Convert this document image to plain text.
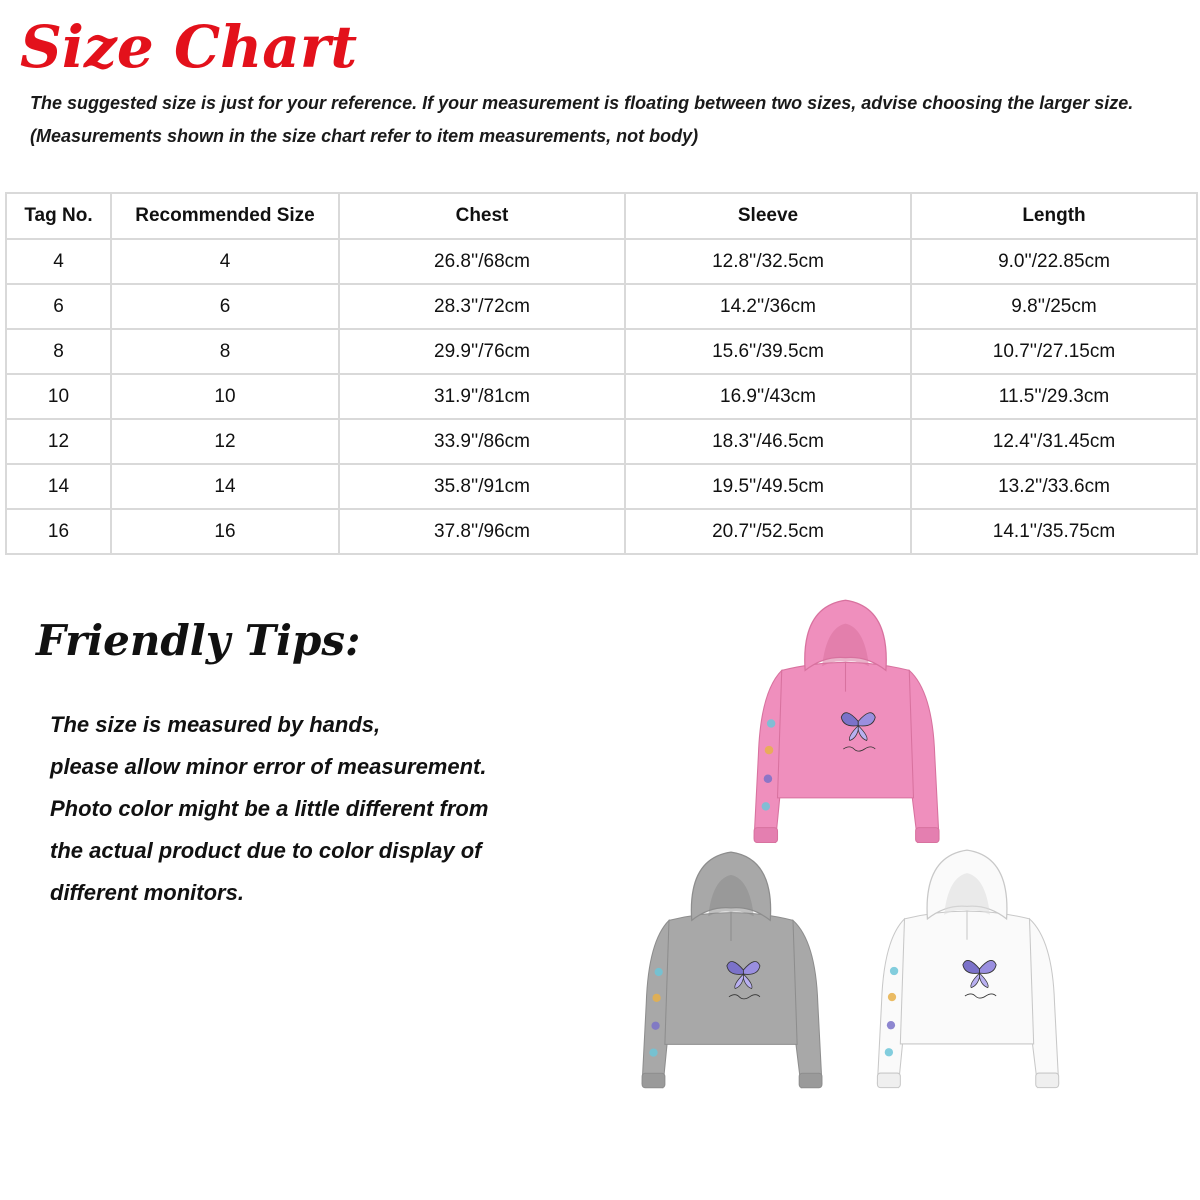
Size Chart
The suggested size is just for your reference. If your measurement is floating between two sizes, advise choosing the larger size.
(Measurements shown in the size chart refer to item measurements, not body)
Tag No.	Recommended Size	Chest	Sleeve	Length
4	4	26.8''/68cm	12.8''/32.5cm	9.0''/22.85cm
6	6	28.3''/72cm	14.2''/36cm	9.8''/25cm
8	8	29.9''/76cm	15.6''/39.5cm	10.7''/27.15cm
10	10	31.9''/81cm	16.9''/43cm	11.5''/29.3cm
12	12	33.9''/86cm	18.3''/46.5cm	12.4''/31.45cm
14	14	35.8''/91cm	19.5''/49.5cm	13.2''/33.6cm
16	16	37.8''/96cm	20.7''/52.5cm	14.1''/35.75cm
Friendly Tips:
The size is measured by hands,
please allow minor error of measurement.
Photo color might be a little different from
the actual product due to color display of
different monitors.
